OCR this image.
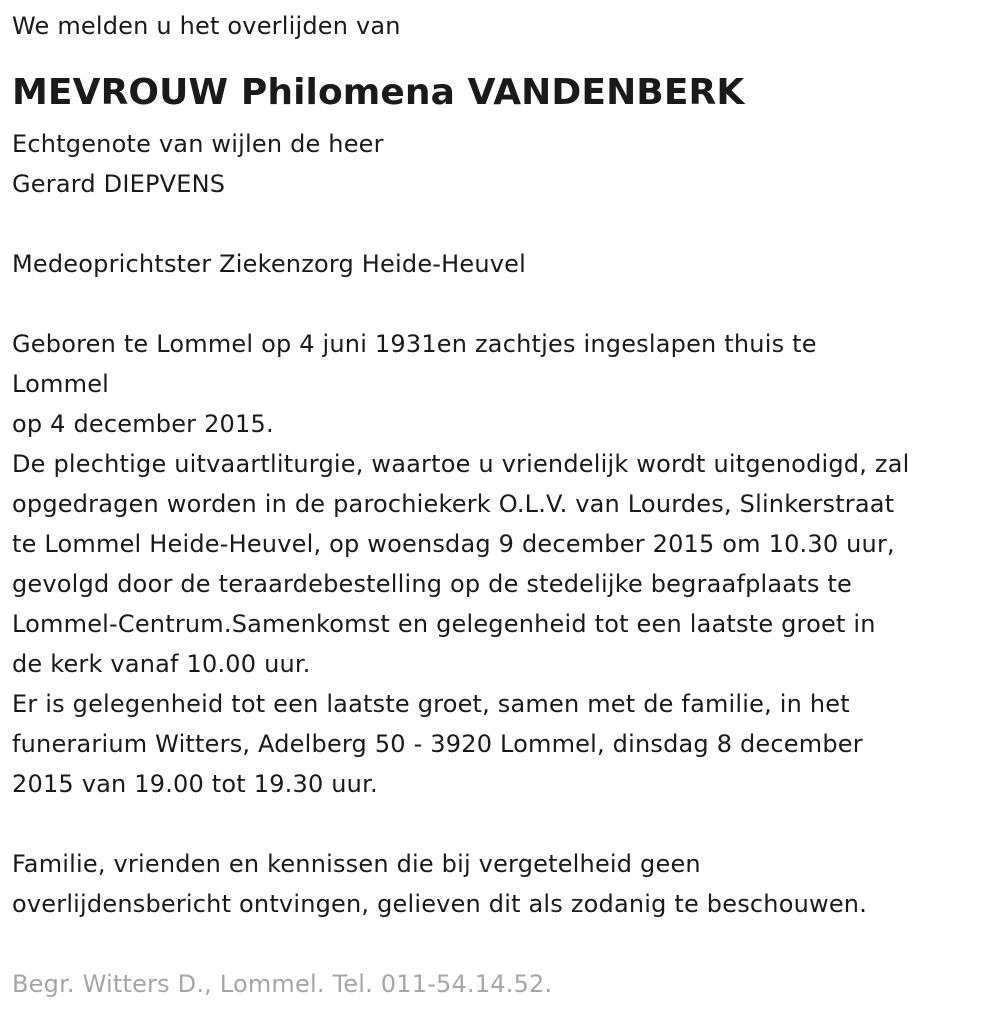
We melden u het overlijden van
MEVROUW Philomena VANDENBERK
Echtgenote van wijlen de heer
Gerard DIEPVENS
Medeoprichtster Ziekenzorg Heide-Heuvel
Geboren te Lommel op 4 juni 1931en zachtjes ingeslapen thuis te
Lommel
op 4 december 2015.
De plechtige uitvaartliturgie, waartoe u vriendelijk wordt uitgenodigd, zal
opgedragen worden in de parochiekerk O.L.V. van Lourdes, Slinkerstraat
te Lommel Heide-Heuvel, op woensdag 9 december 2015 om 10.30 uur,
gevolgd door de teraardebestelling op de stedelijke begraafplaats te
Lommel-Centrum.Samenkomst en gelegenheid tot een laatste groet in
de kerk vanaf 10.00 uur.
Er is gelegenheid tot een laatste groet, samen met de familie, in het
funerarium Witters, Adelberg 50 - 3920 Lommel, dinsdag 8 december
2015 van 19.00 tot 19.30 uur.
Familie, vrienden en kennissen die bij vergetelheid geen
overlijdensbericht ontvingen, gelieven dit als zodanig te beschouwen.
Begr. Witters D., Lommel. Tel. 011-54.14.52.
